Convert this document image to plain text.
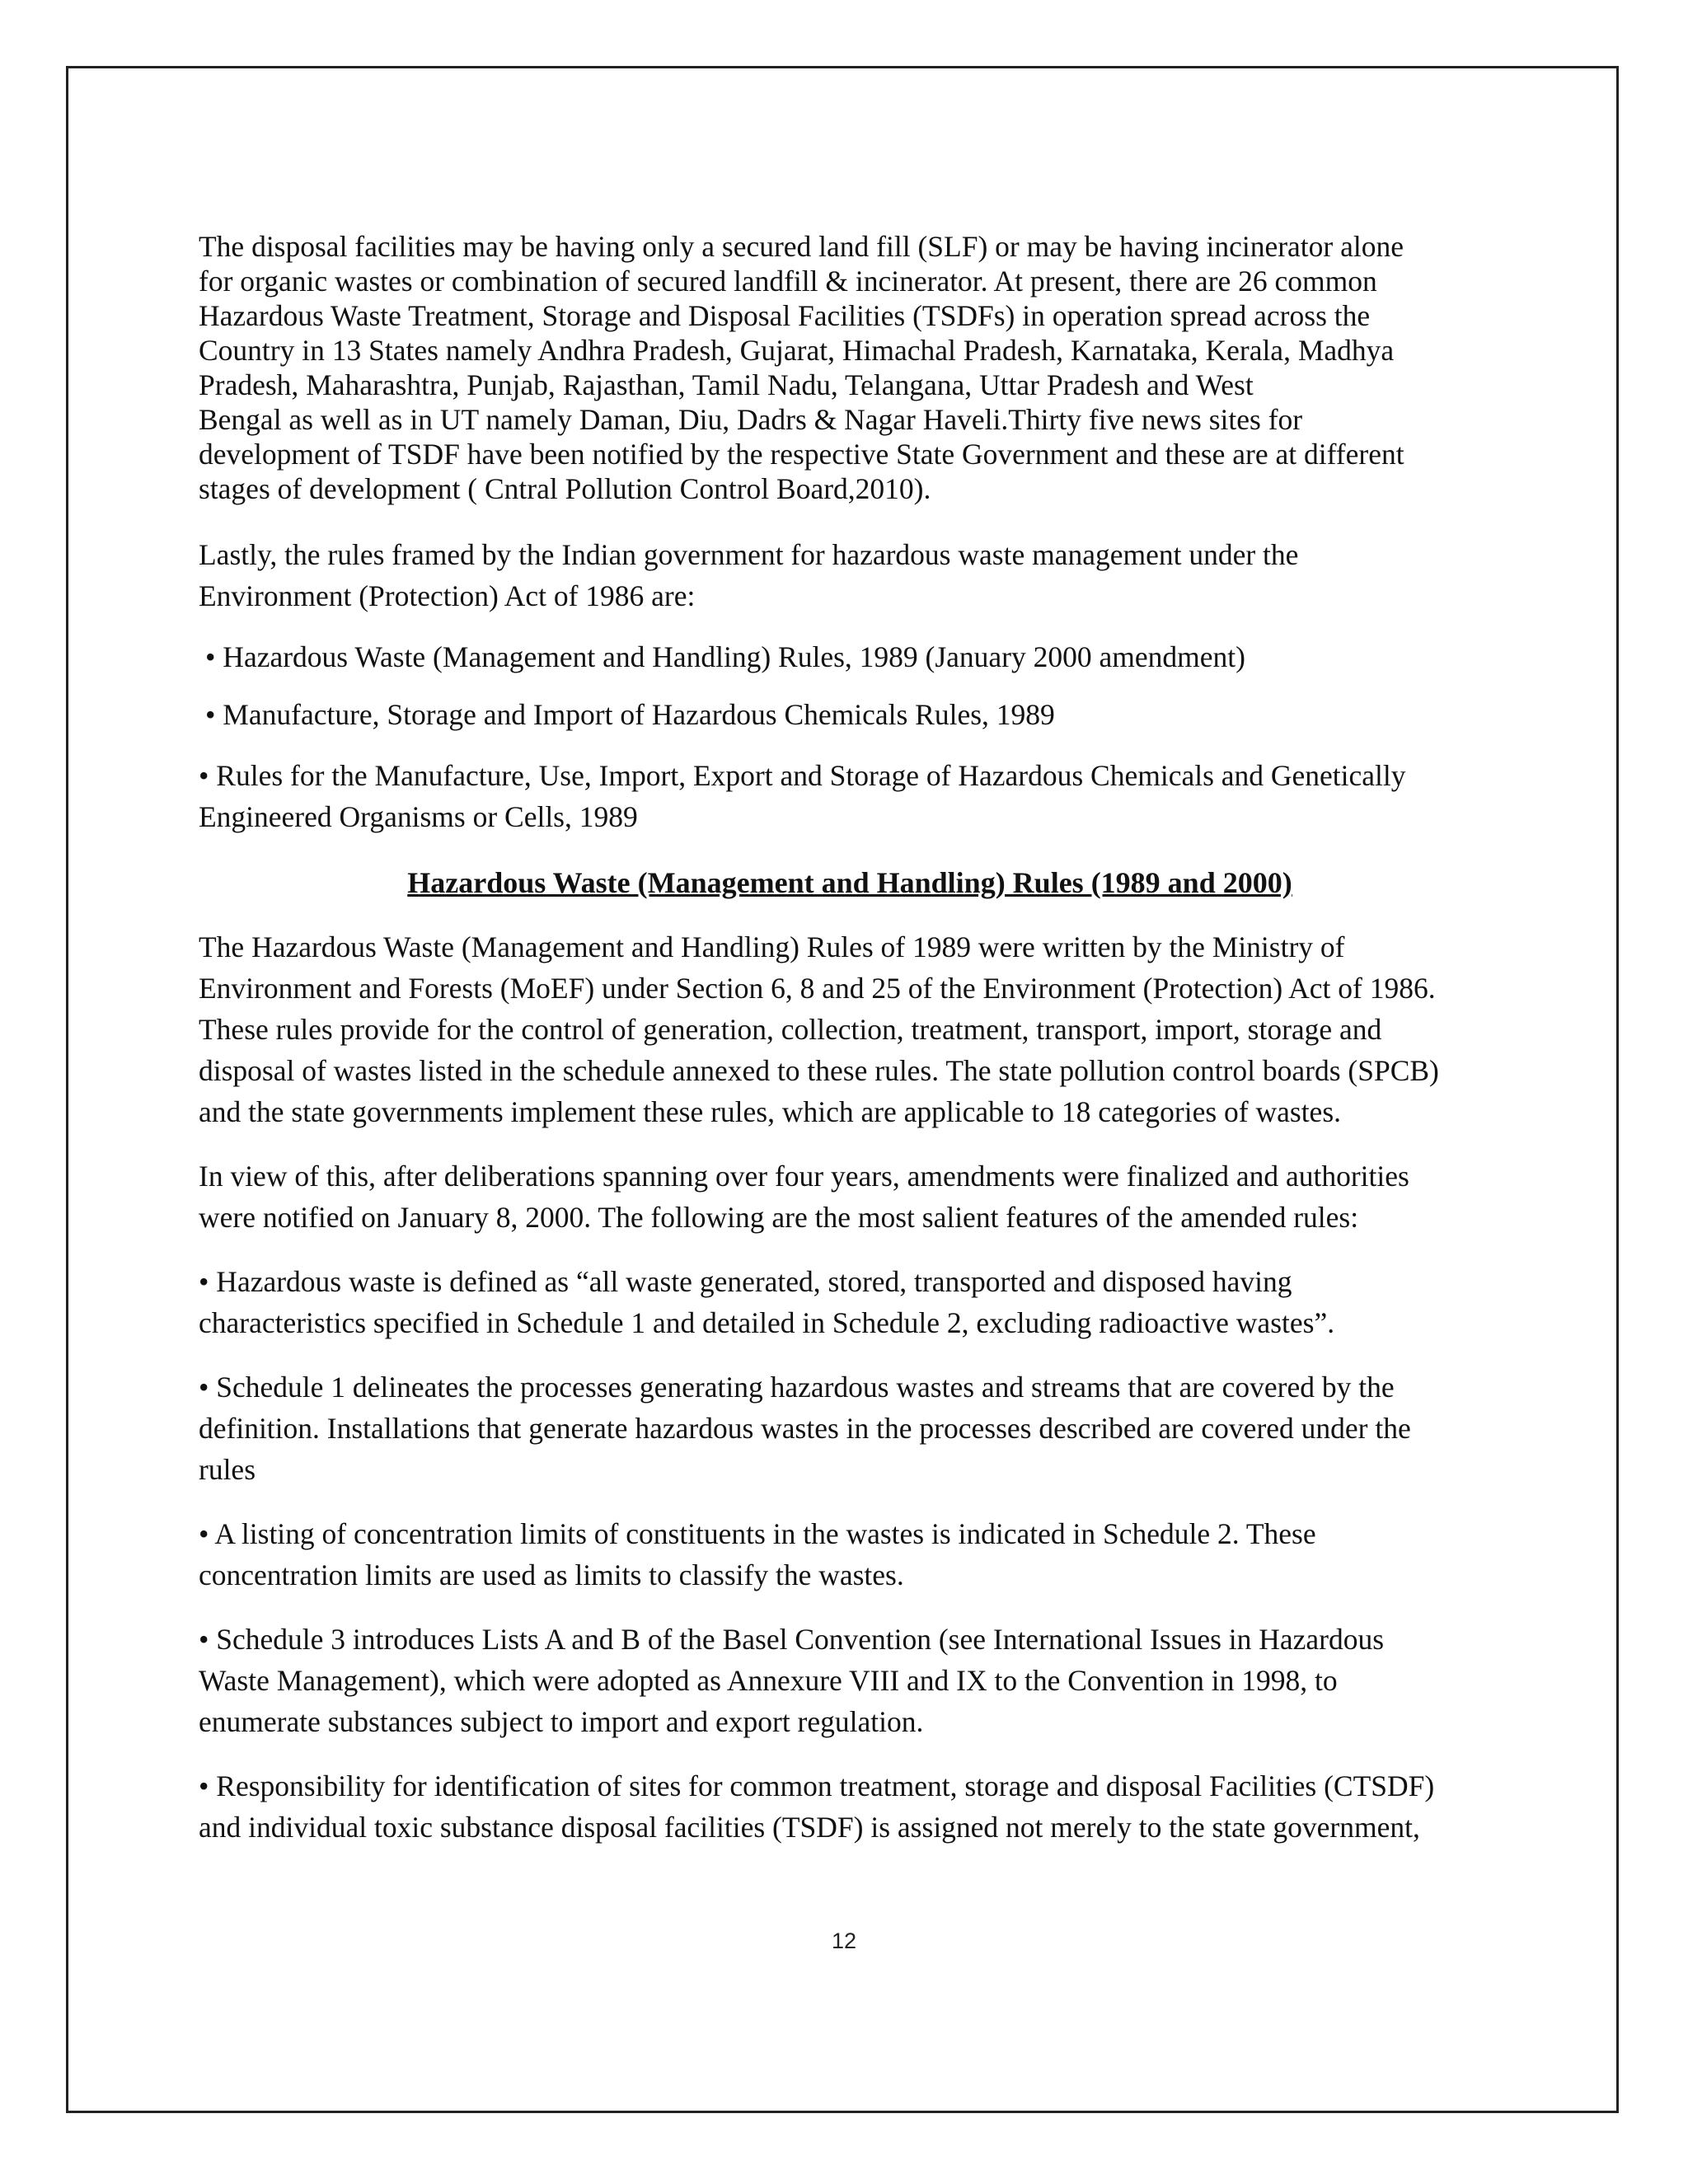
The disposal facilities may be having only a secured land fill (SLF) or may be having incinerator alone
for organic wastes or combination of secured landfill & incinerator. At present, there are 26 common
Hazardous Waste Treatment, Storage and Disposal Facilities (TSDFs) in operation spread across the
Country in 13 States namely Andhra Pradesh, Gujarat, Himachal Pradesh, Karnataka, Kerala, Madhya
Pradesh, Maharashtra, Punjab, Rajasthan, Tamil Nadu, Telangana, Uttar Pradesh and West
Bengal as well as in UT namely Daman, Diu, Dadrs & Nagar Haveli.Thirty five news sites for
development of TSDF have been notified by the respective State Government and these are at different
stages of development ( Cntral Pollution Control Board,2010).

Lastly, the rules framed by the Indian government for hazardous waste management under the
Environment (Protection) Act of 1986 are:

• Hazardous Waste (Management and Handling) Rules, 1989 (January 2000 amendment)

• Manufacture, Storage and Import of Hazardous Chemicals Rules, 1989

• Rules for the Manufacture, Use, Import, Export and Storage of Hazardous Chemicals and Genetically
Engineered Organisms or Cells, 1989

Hazardous Waste (Management and Handling) Rules (1989 and 2000)

The Hazardous Waste (Management and Handling) Rules of 1989 were written by the Ministry of
Environment and Forests (MoEF) under Section 6, 8 and 25 of the Environment (Protection) Act of 1986.
These rules provide for the control of generation, collection, treatment, transport, import, storage and
disposal of wastes listed in the schedule annexed to these rules. The state pollution control boards (SPCB)
and the state governments implement these rules, which are applicable to 18 categories of wastes.

In view of this, after deliberations spanning over four years, amendments were finalized and authorities
were notified on January 8, 2000. The following are the most salient features of the amended rules:

• Hazardous waste is defined as “all waste generated, stored, transported and disposed having
characteristics specified in Schedule 1 and detailed in Schedule 2, excluding radioactive wastes”.

• Schedule 1 delineates the processes generating hazardous wastes and streams that are covered by the
definition. Installations that generate hazardous wastes in the processes described are covered under the
rules

• A listing of concentration limits of constituents in the wastes is indicated in Schedule 2. These
concentration limits are used as limits to classify the wastes.

• Schedule 3 introduces Lists A and B of the Basel Convention (see International Issues in Hazardous
Waste Management), which were adopted as Annexure VIII and IX to the Convention in 1998, to
enumerate substances subject to import and export regulation.

• Responsibility for identification of sites for common treatment, storage and disposal Facilities (CTSDF)
and individual toxic substance disposal facilities (TSDF) is assigned not merely to the state government,

12
